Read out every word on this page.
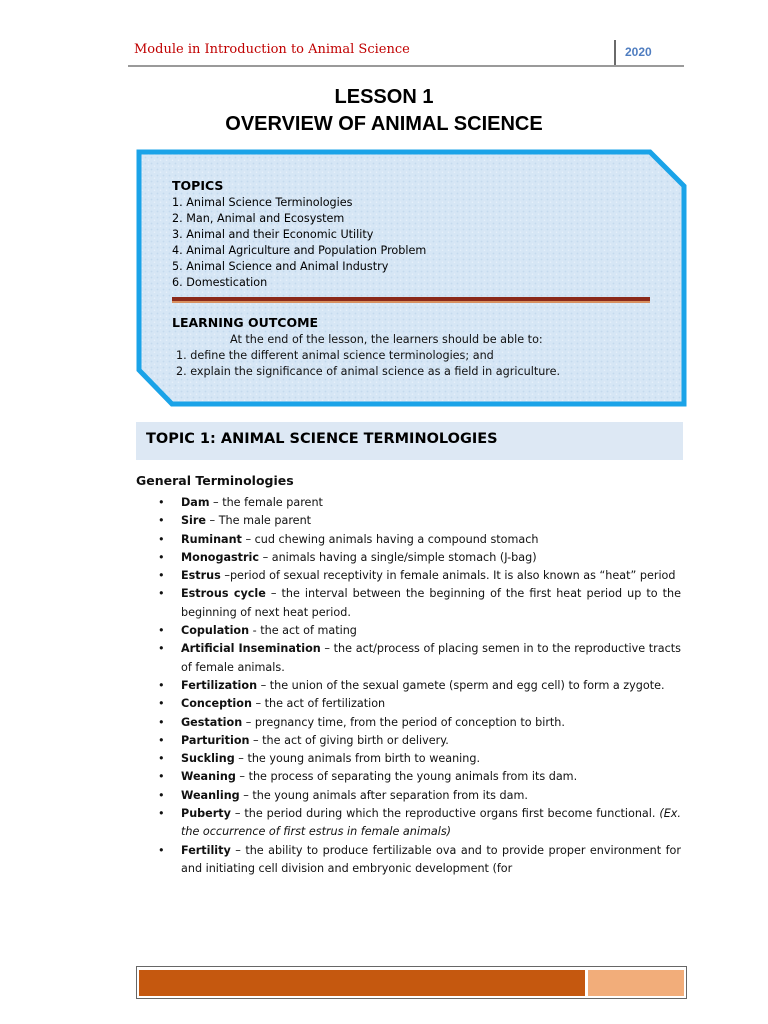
Module in Introduction to Animal Science	2020
LESSON 1
OVERVIEW OF ANIMAL SCIENCE
TOPICS
1. Animal Science Terminologies
2. Man, Animal and Ecosystem
3. Animal and their Economic Utility
4. Animal Agriculture and Population Problem
5. Animal Science and Animal Industry
6. Domestication
LEARNING OUTCOME
At the end of the lesson, the learners should be able to:
1. define the different animal science terminologies; and
2. explain the significance of animal science as a field in agriculture.
TOPIC 1: ANIMAL SCIENCE TERMINOLOGIES
General Terminologies
• Dam – the female parent
• Sire – The male parent
• Ruminant – cud chewing animals having a compound stomach
• Monogastric – animals having a single/simple stomach (J-bag)
• Estrus –period of sexual receptivity in female animals. It is also known as “heat” period
• Estrous cycle – the interval between the beginning of the first heat period up to the beginning of next heat period.
• Copulation - the act of mating
• Artificial Insemination – the act/process of placing semen in to the reproductive tracts of female animals.
• Fertilization – the union of the sexual gamete (sperm and egg cell) to form a zygote.
• Conception – the act of fertilization
• Gestation – pregnancy time, from the period of conception to birth.
• Parturition – the act of giving birth or delivery.
• Suckling – the young animals from birth to weaning.
• Weaning – the process of separating the young animals from its dam.
• Weanling – the young animals after separation from its dam.
• Puberty – the period during which the reproductive organs first become functional. (Ex. the occurrence of first estrus in female animals)
• Fertility – the ability to produce fertilizable ova and to provide proper environment for and initiating cell division and embryonic development (for
